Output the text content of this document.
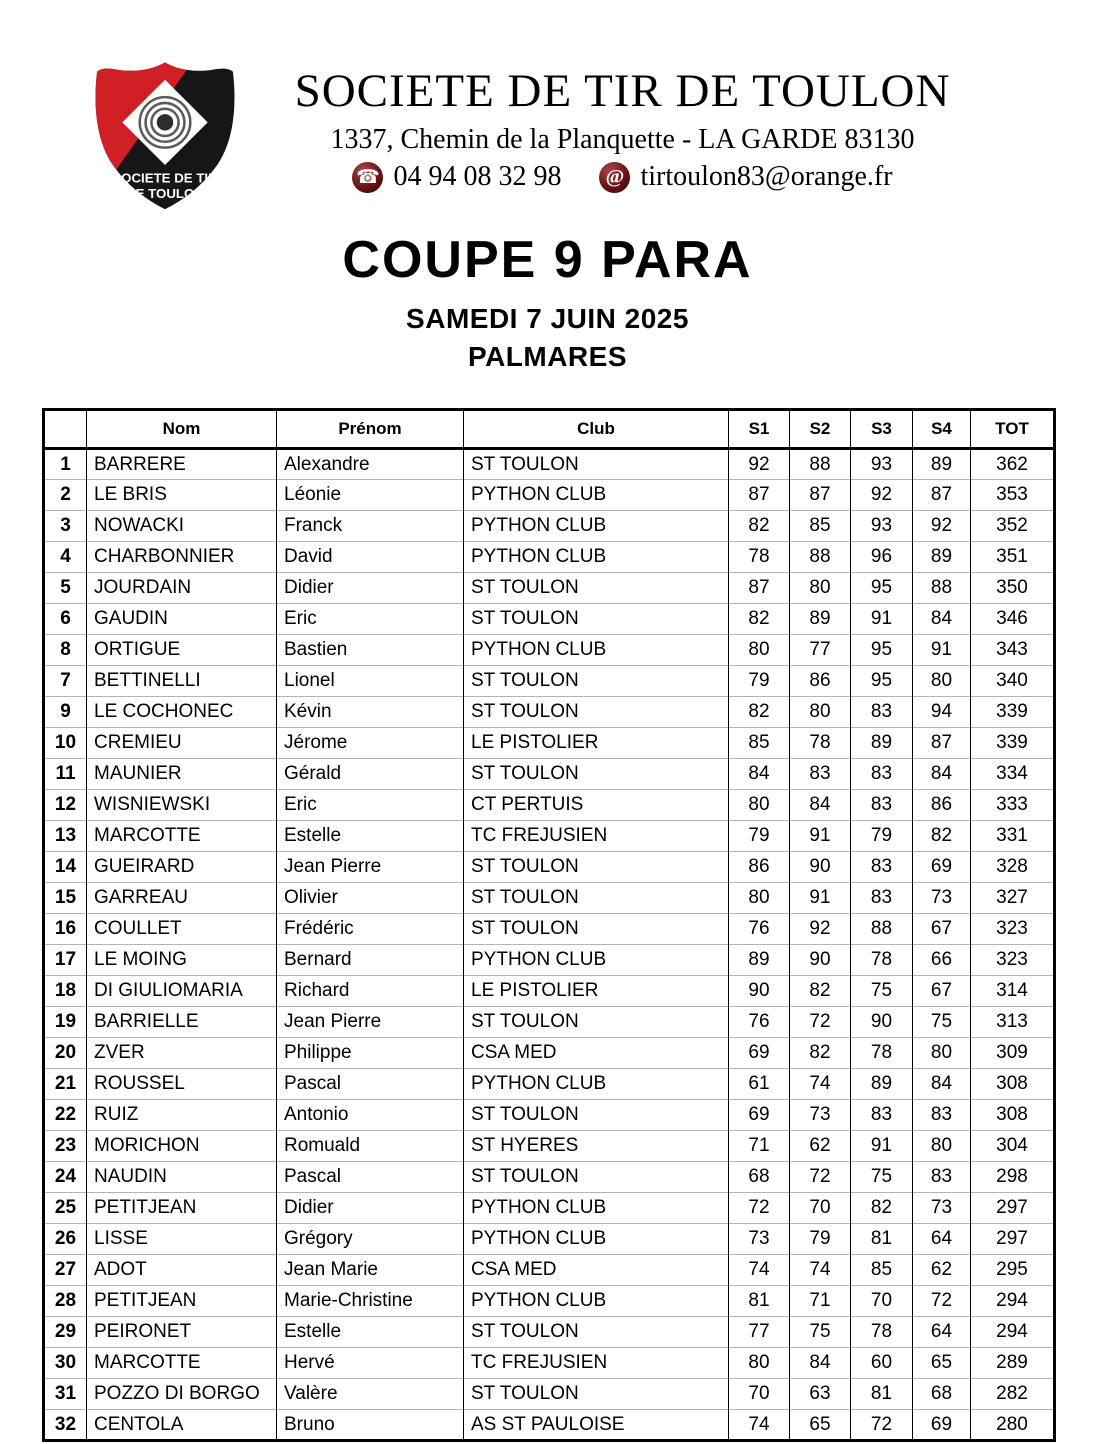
SOCIETE DE TIR
DE TOULON
SOCIETE DE TIR DE TOULON
1337, Chemin de la Planquette - LA GARDE 83130
☎ 04 94 08 32 98 @ tirtoulon83@orange.fr
COUPE 9 PARA
SAMEDI 7 JUIN 2025
PALMARES
	Nom	Prénom	Club	S1	S2	S3	S4	TOT
1	BARRERE	Alexandre	ST TOULON	92	88	93	89	362
2	LE BRIS	Léonie	PYTHON CLUB	87	87	92	87	353
3	NOWACKI	Franck	PYTHON CLUB	82	85	93	92	352
4	CHARBONNIER	David	PYTHON CLUB	78	88	96	89	351
5	JOURDAIN	Didier	ST TOULON	87	80	95	88	350
6	GAUDIN	Eric	ST TOULON	82	89	91	84	346
8	ORTIGUE	Bastien	PYTHON CLUB	80	77	95	91	343
7	BETTINELLI	Lionel	ST TOULON	79	86	95	80	340
9	LE COCHONEC	Kévin	ST TOULON	82	80	83	94	339
10	CREMIEU	Jérome	LE PISTOLIER	85	78	89	87	339
11	MAUNIER	Gérald	ST TOULON	84	83	83	84	334
12	WISNIEWSKI	Eric	CT PERTUIS	80	84	83	86	333
13	MARCOTTE	Estelle	TC FREJUSIEN	79	91	79	82	331
14	GUEIRARD	Jean Pierre	ST TOULON	86	90	83	69	328
15	GARREAU	Olivier	ST TOULON	80	91	83	73	327
16	COULLET	Frédéric	ST TOULON	76	92	88	67	323
17	LE MOING	Bernard	PYTHON CLUB	89	90	78	66	323
18	DI GIULIOMARIA	Richard	LE PISTOLIER	90	82	75	67	314
19	BARRIELLE	Jean Pierre	ST TOULON	76	72	90	75	313
20	ZVER	Philippe	CSA MED	69	82	78	80	309
21	ROUSSEL	Pascal	PYTHON CLUB	61	74	89	84	308
22	RUIZ	Antonio	ST TOULON	69	73	83	83	308
23	MORICHON	Romuald	ST HYERES	71	62	91	80	304
24	NAUDIN	Pascal	ST TOULON	68	72	75	83	298
25	PETITJEAN	Didier	PYTHON CLUB	72	70	82	73	297
26	LISSE	Grégory	PYTHON CLUB	73	79	81	64	297
27	ADOT	Jean Marie	CSA MED	74	74	85	62	295
28	PETITJEAN	Marie-Christine	PYTHON CLUB	81	71	70	72	294
29	PEIRONET	Estelle	ST TOULON	77	75	78	64	294
30	MARCOTTE	Hervé	TC FREJUSIEN	80	84	60	65	289
31	POZZO DI BORGO	Valère	ST TOULON	70	63	81	68	282
32	CENTOLA	Bruno	AS ST PAULOISE	74	65	72	69	280
